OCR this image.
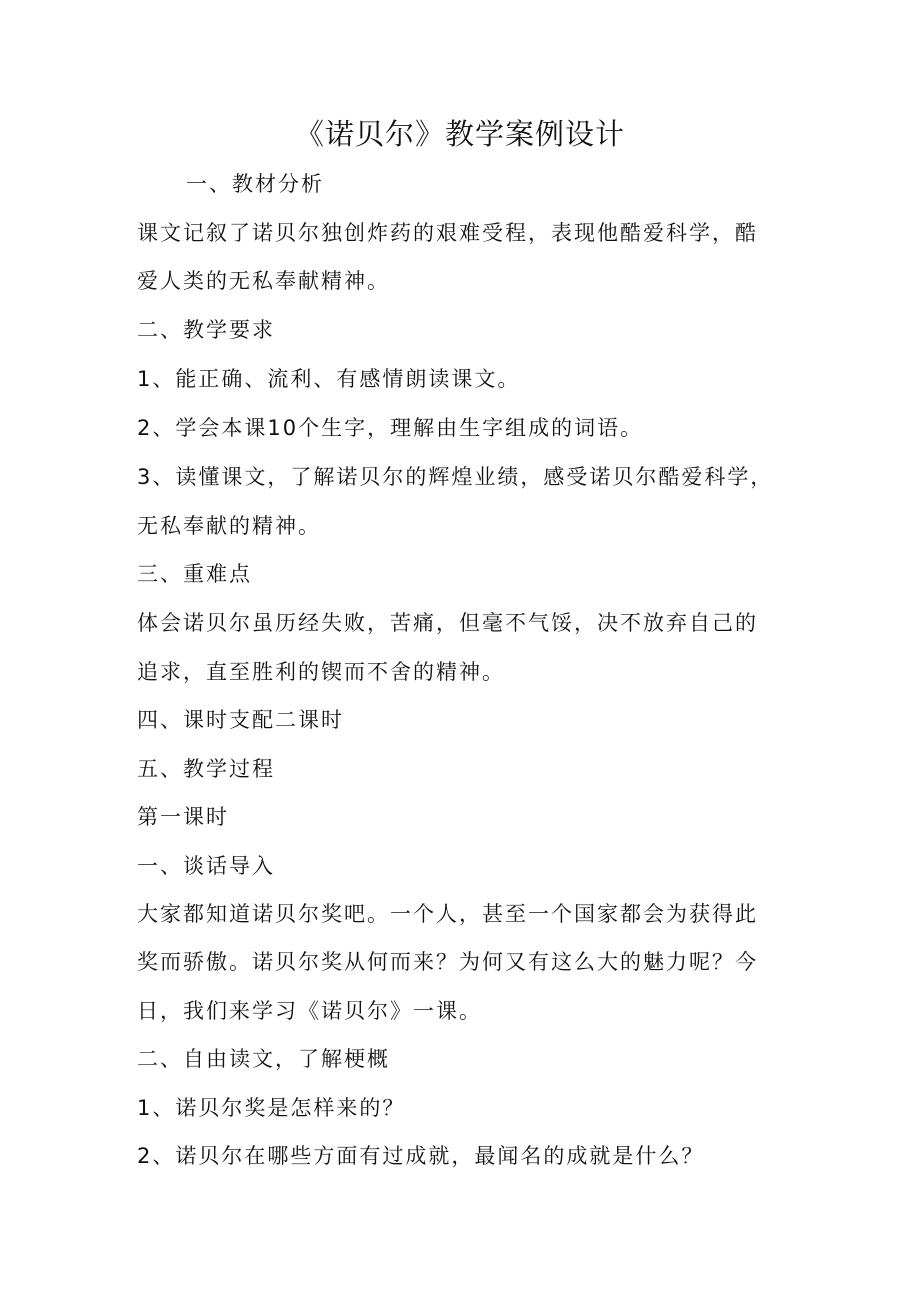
《诺贝尔》教学案例设计
一、教材分析
课文记叙了诺贝尔独创炸药的艰难受程，表现他酷爱科学，酷
爱人类的无私奉献精神。
二、教学要求
1、能正确、流利、有感情朗读课文。
2、学会本课10个生字，理解由生字组成的词语。
3、读懂课文，了解诺贝尔的辉煌业绩，感受诺贝尔酷爱科学，
无私奉献的精神。
三、重难点
体会诺贝尔虽历经失败，苦痛，但毫不气馁，决不放弃自己的
追求，直至胜利的锲而不舍的精神。
四、课时支配二课时
五、教学过程
第一课时
一、谈话导入
大家都知道诺贝尔奖吧。一个人，甚至一个国家都会为获得此
奖而骄傲。诺贝尔奖从何而来？为何又有这么大的魅力呢？今
日，我们来学习《诺贝尔》一课。
二、自由读文，了解梗概
1、诺贝尔奖是怎样来的？
2、诺贝尔在哪些方面有过成就，最闻名的成就是什么？
